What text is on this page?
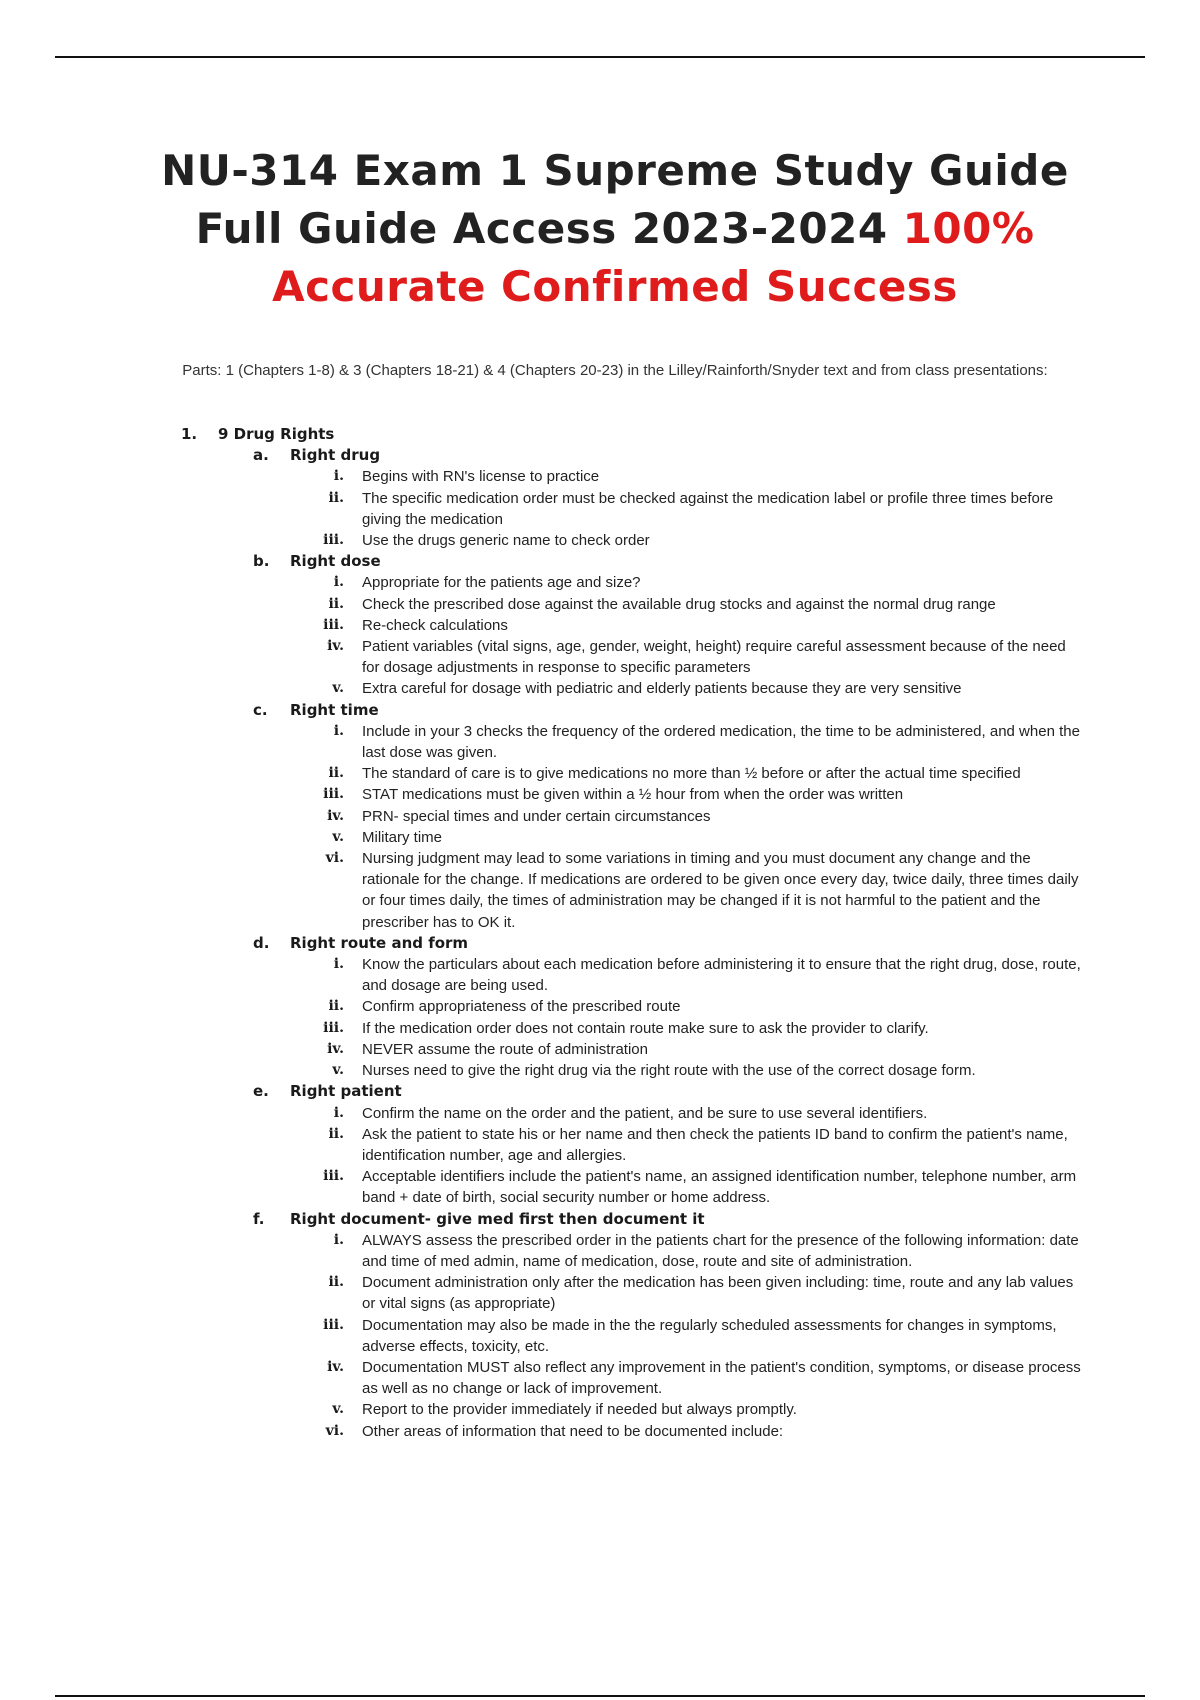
NU-314 Exam 1 Supreme Study Guide
Full Guide Access 2023-2024 100%
Accurate Confirmed Success
Parts: 1 (Chapters 1-8) & 3 (Chapters 18-21) & 4 (Chapters 20-23) in the Lilley/Rainforth/Snyder text and from class presentations:
1. 9 Drug Rights
a. Right drug
i. Begins with RN's license to practice
ii. The specific medication order must be checked against the medication label or profile three times before giving the medication
iii. Use the drugs generic name to check order
b. Right dose
i. Appropriate for the patients age and size?
ii. Check the prescribed dose against the available drug stocks and against the normal drug range
iii. Re-check calculations
iv. Patient variables (vital signs, age, gender, weight, height) require careful assessment because of the need for dosage adjustments in response to specific parameters
v. Extra careful for dosage with pediatric and elderly patients because they are very sensitive
c. Right time
i. Include in your 3 checks the frequency of the ordered medication, the time to be administered, and when the last dose was given.
ii. The standard of care is to give medications no more than ½ before or after the actual time specified
iii. STAT medications must be given within a ½ hour from when the order was written
iv. PRN- special times and under certain circumstances
v. Military time
vi. Nursing judgment may lead to some variations in timing and you must document any change and the rationale for the change. If medications are ordered to be given once every day, twice daily, three times daily or four times daily, the times of administration may be changed if it is not harmful to the patient and the prescriber has to OK it.
d. Right route and form
i. Know the particulars about each medication before administering it to ensure that the right drug, dose, route, and dosage are being used.
ii. Confirm appropriateness of the prescribed route
iii. If the medication order does not contain route make sure to ask the provider to clarify.
iv. NEVER assume the route of administration
v. Nurses need to give the right drug via the right route with the use of the correct dosage form.
e. Right patient
i. Confirm the name on the order and the patient, and be sure to use several identifiers.
ii. Ask the patient to state his or her name and then check the patients ID band to confirm the patient's name, identification number, age and allergies.
iii. Acceptable identifiers include the patient's name, an assigned identification number, telephone number, arm band + date of birth, social security number or home address.
f. Right document- give med first then document it
i. ALWAYS assess the prescribed order in the patients chart for the presence of the following information: date and time of med admin, name of medication, dose, route and site of administration.
ii. Document administration only after the medication has been given including: time, route and any lab values or vital signs (as appropriate)
iii. Documentation may also be made in the the regularly scheduled assessments for changes in symptoms, adverse effects, toxicity, etc.
iv. Documentation MUST also reflect any improvement in the patient's condition, symptoms, or disease process as well as no change or lack of improvement.
v. Report to the provider immediately if needed but always promptly.
vi. Other areas of information that need to be documented include:
